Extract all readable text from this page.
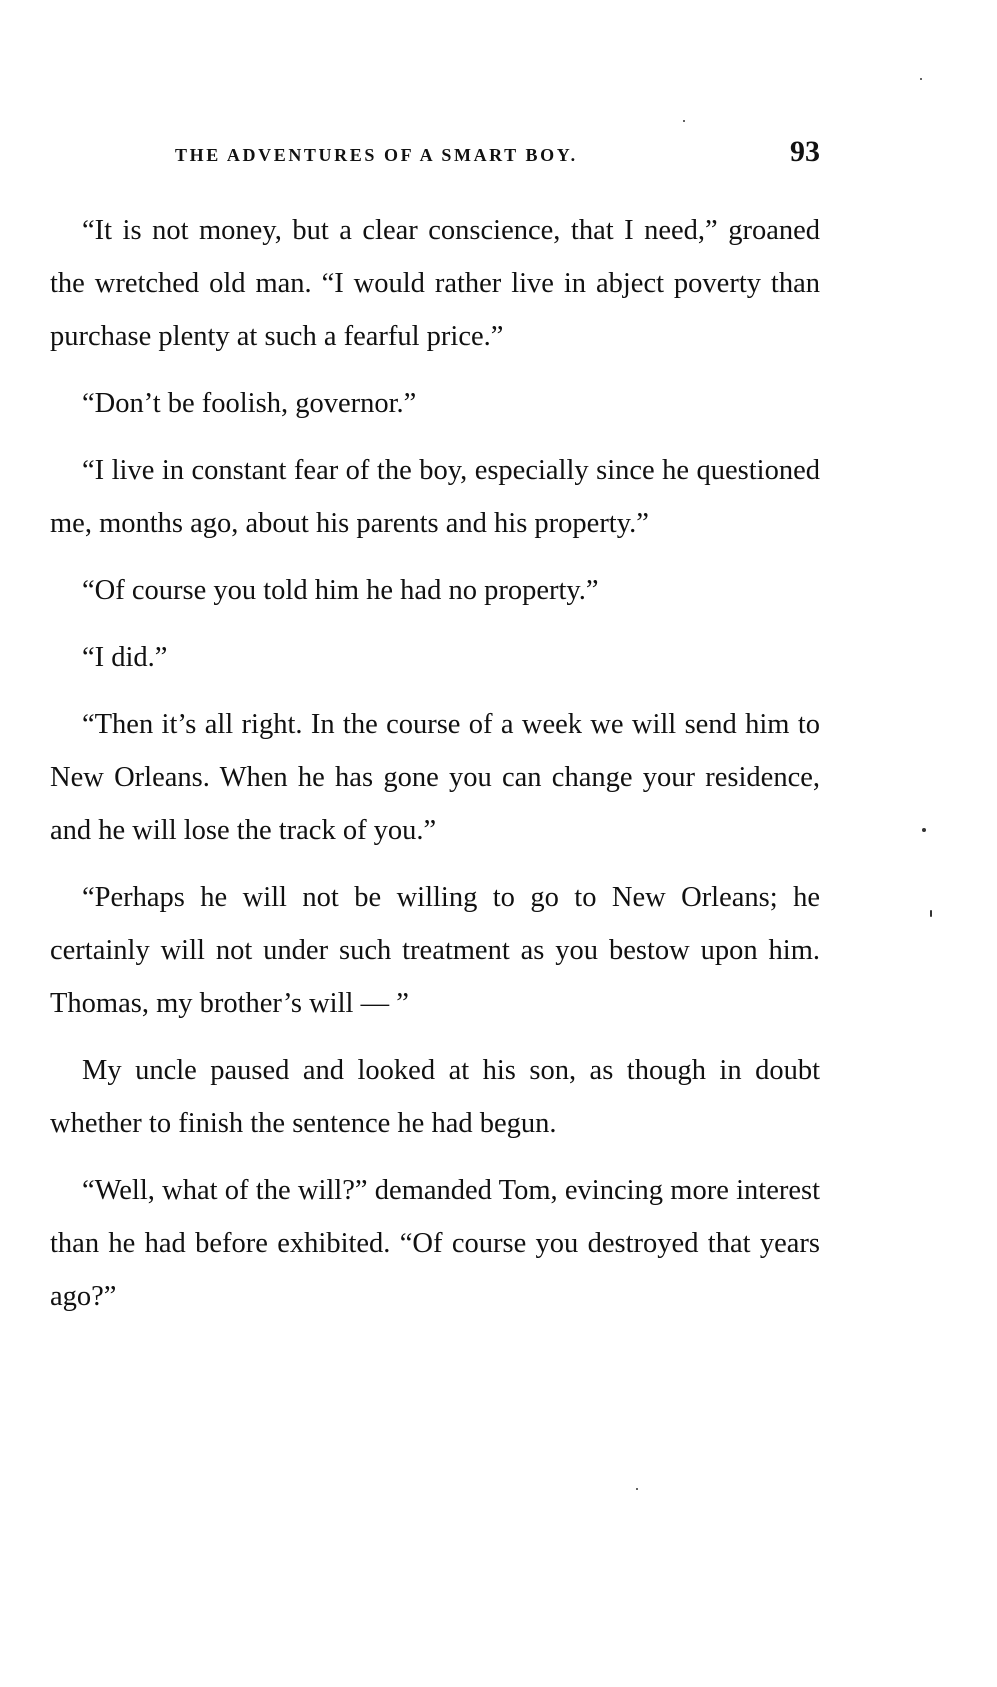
THE ADVENTURES OF A SMART BOY.	93

“It is not money, but a clear conscience, that I need,” groaned the wretched old man. “I would rather live in abject poverty than purchase plenty at such a fearful price.”

“Don’t be foolish, governor.”

“I live in constant fear of the boy, especially since he questioned me, months ago, about his parents and his property.”

“Of course you told him he had no property.”

“I did.”

“Then it’s all right. In the course of a week we will send him to New Orleans. When he has gone you can change your residence, and he will lose the track of you.”

“Perhaps he will not be willing to go to New Orleans; he certainly will not under such treatment as you bestow upon him. Thomas, my brother’s will — ”

My uncle paused and looked at his son, as though in doubt whether to finish the sentence he had begun.

“Well, what of the will?” demanded Tom, evincing more interest than he had before exhibited. “Of course you destroyed that years ago?”
